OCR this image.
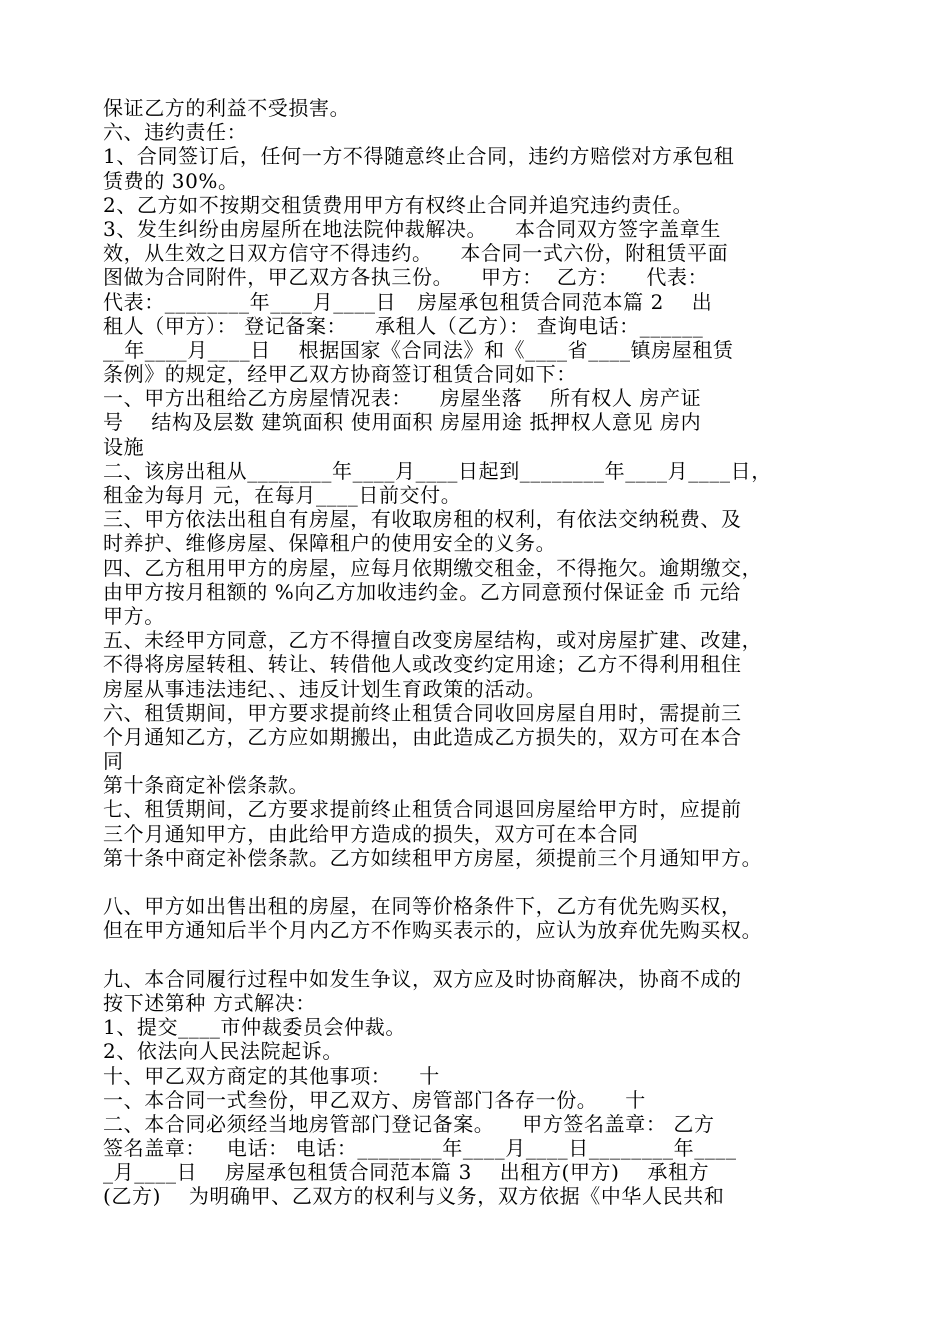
保证乙方的利益不受损害。
六、违约责任：
1、合同签订后，任何一方不得随意终止合同，违约方赔偿对方承包租
赁费的 30%。
2、乙方如不按期交租赁费用甲方有权终止合同并追究违约责任。
3、发生纠纷由房屋所在地法院仲裁解决。    本合同双方签字盖章生
效，从生效之日双方信守不得违约。    本合同一式六份，附租赁平面
图做为合同附件，甲乙双方各执三份。    甲方：  乙方：    代表：
代表：________年____月____日   房屋承包租赁合同范本篇 2    出
租人（甲方）： 登记备案：    承租人（乙方）： 查询电话：______
__年____月____日    根据国家《合同法》和《____省____镇房屋租赁
条例》的规定，经甲乙双方协商签订租赁合同如下：
一、甲方出租给乙方房屋情况表：    房屋坐落    所有权人 房产证
号    结构及层数 建筑面积 使用面积 房屋用途 抵押权人意见 房内
设施
二、该房出租从________年____月____日起到________年____月____日，
租金为每月 元，在每月____日前交付。
三、甲方依法出租自有房屋，有收取房租的权利，有依法交纳税费、及
时养护、维修房屋、保障租户的使用安全的义务。
四、乙方租用甲方的房屋，应每月依期缴交租金，不得拖欠。逾期缴交，
由甲方按月租额的 %向乙方加收违约金。乙方同意预付保证金 币 元给
甲方。
五、未经甲方同意，乙方不得擅自改变房屋结构，或对房屋扩建、改建，
不得将房屋转租、转让、转借他人或改变约定用途；乙方不得利用租住
房屋从事违法违纪、、违反计划生育政策的活动。
六、租赁期间，甲方要求提前终止租赁合同收回房屋自用时，需提前三
个月通知乙方，乙方应如期搬出，由此造成乙方损失的，双方可在本合
同
第十条商定补偿条款。
七、租赁期间，乙方要求提前终止租赁合同退回房屋给甲方时，应提前
三个月通知甲方，由此给甲方造成的损失，双方可在本合同
第十条中商定补偿条款。乙方如续租甲方房屋，须提前三个月通知甲方。
八、甲方如出售出租的房屋，在同等价格条件下，乙方有优先购买权，
但在甲方通知后半个月内乙方不作购买表示的，应认为放弃优先购买权。
九、本合同履行过程中如发生争议，双方应及时协商解决，协商不成的
按下述第种 方式解决：
1、提交____市仲裁委员会仲裁。
2、依法向人民法院起诉。
十、甲乙双方商定的其他事项：    十
一、本合同一式叁份，甲乙双方、房管部门各存一份。    十
二、本合同必须经当地房管部门登记备案。    甲方签名盖章： 乙方
签名盖章：   电话： 电话：________年____月____日________年____
_月____日    房屋承包租赁合同范本篇 3    出租方(甲方)    承租方
(乙方)    为明确甲、乙双方的权利与义务，双方依据《中华人民共和
